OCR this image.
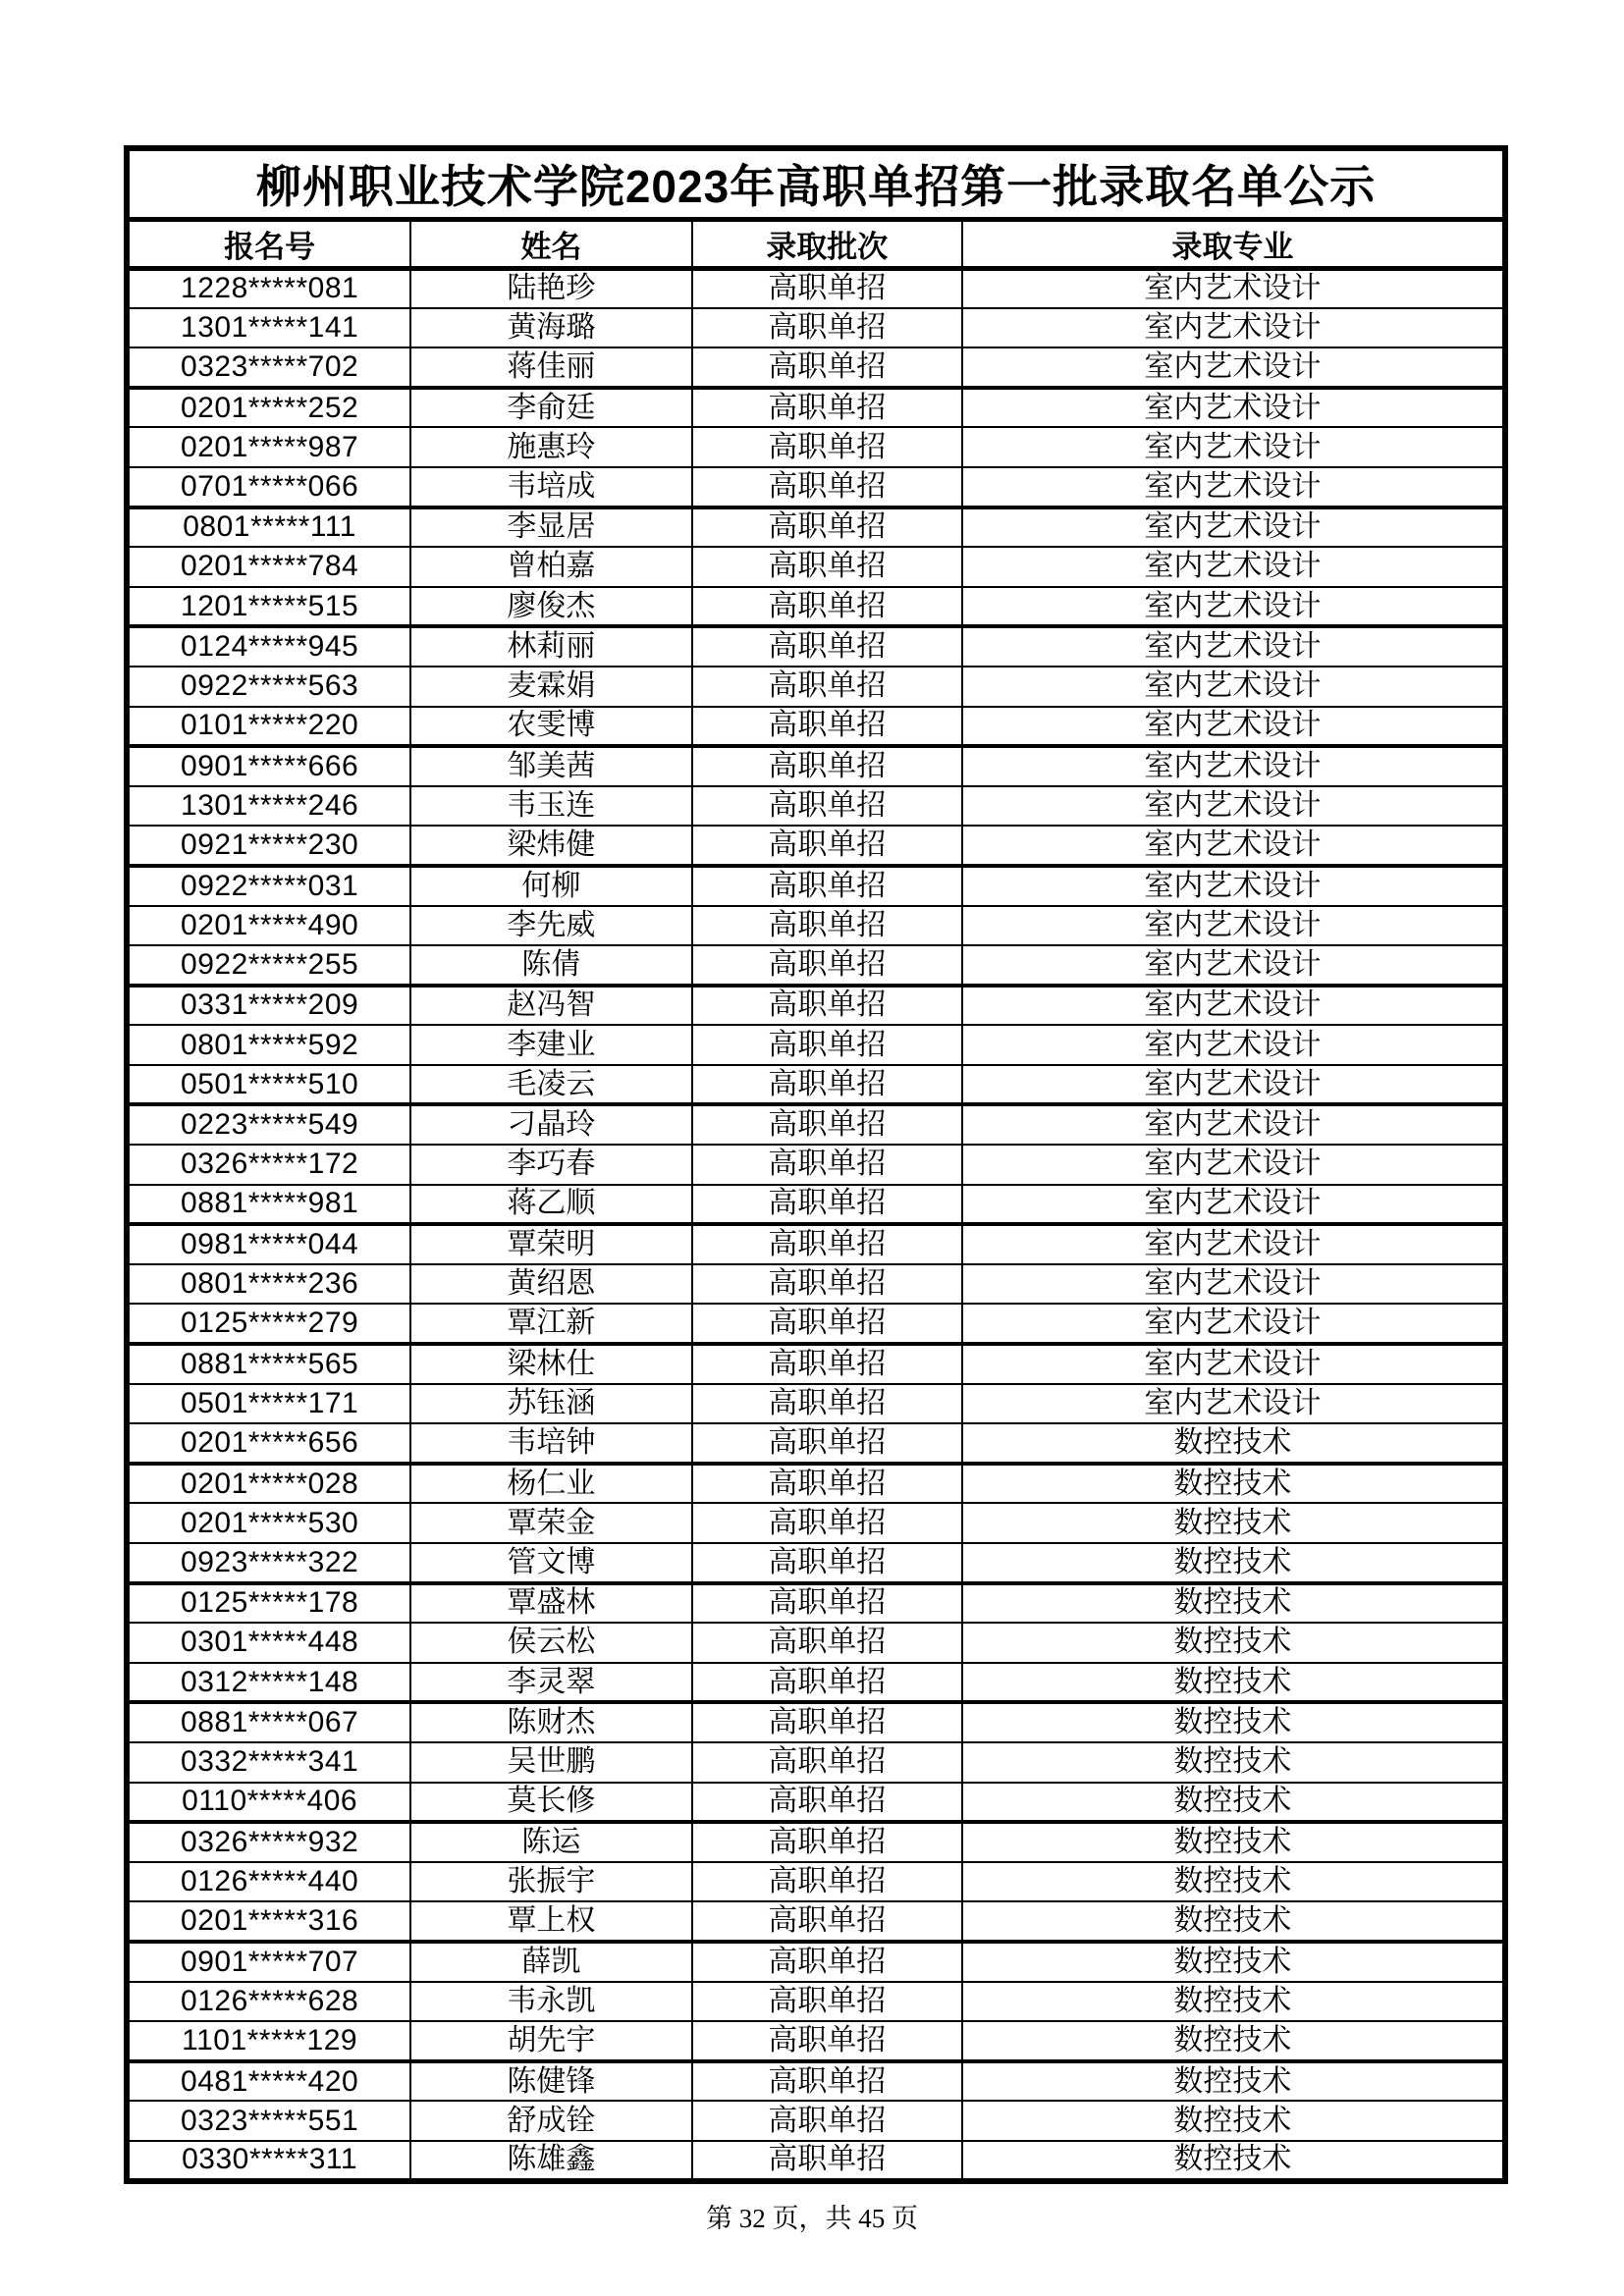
柳州职业技术学院2023年高职单招第一批录取名单公示			
报名号	姓名	录取批次	录取专业
1228*****081	陆艳珍	高职单招	室内艺术设计
1301*****141	黄海璐	高职单招	室内艺术设计
0323*****702	蒋佳丽	高职单招	室内艺术设计
0201*****252	李俞廷	高职单招	室内艺术设计
0201*****987	施惠玲	高职单招	室内艺术设计
0701*****066	韦培成	高职单招	室内艺术设计
0801*****111	李显居	高职单招	室内艺术设计
0201*****784	曾柏嘉	高职单招	室内艺术设计
1201*****515	廖俊杰	高职单招	室内艺术设计
0124*****945	林莉丽	高职单招	室内艺术设计
0922*****563	麦霖娟	高职单招	室内艺术设计
0101*****220	农雯博	高职单招	室内艺术设计
0901*****666	邹美茜	高职单招	室内艺术设计
1301*****246	韦玉连	高职单招	室内艺术设计
0921*****230	梁炜健	高职单招	室内艺术设计
0922*****031	何柳	高职单招	室内艺术设计
0201*****490	李先威	高职单招	室内艺术设计
0922*****255	陈倩	高职单招	室内艺术设计
0331*****209	赵冯智	高职单招	室内艺术设计
0801*****592	李建业	高职单招	室内艺术设计
0501*****510	毛凌云	高职单招	室内艺术设计
0223*****549	刁晶玲	高职单招	室内艺术设计
0326*****172	李巧春	高职单招	室内艺术设计
0881*****981	蒋乙顺	高职单招	室内艺术设计
0981*****044	覃荣明	高职单招	室内艺术设计
0801*****236	黄绍恩	高职单招	室内艺术设计
0125*****279	覃江新	高职单招	室内艺术设计
0881*****565	梁林仕	高职单招	室内艺术设计
0501*****171	苏钰涵	高职单招	室内艺术设计
0201*****656	韦培钟	高职单招	数控技术
0201*****028	杨仁业	高职单招	数控技术
0201*****530	覃荣金	高职单招	数控技术
0923*****322	管文博	高职单招	数控技术
0125*****178	覃盛林	高职单招	数控技术
0301*****448	侯云松	高职单招	数控技术
0312*****148	李灵翠	高职单招	数控技术
0881*****067	陈财杰	高职单招	数控技术
0332*****341	吴世鹏	高职单招	数控技术
0110*****406	莫长修	高职单招	数控技术
0326*****932	陈运	高职单招	数控技术
0126*****440	张振宇	高职单招	数控技术
0201*****316	覃上权	高职单招	数控技术
0901*****707	薛凯	高职单招	数控技术
0126*****628	韦永凯	高职单招	数控技术
1101*****129	胡先宇	高职单招	数控技术
0481*****420	陈健锋	高职单招	数控技术
0323*****551	舒成铨	高职单招	数控技术
0330*****311	陈雄鑫	高职单招	数控技术
第 32 页，共 45 页
